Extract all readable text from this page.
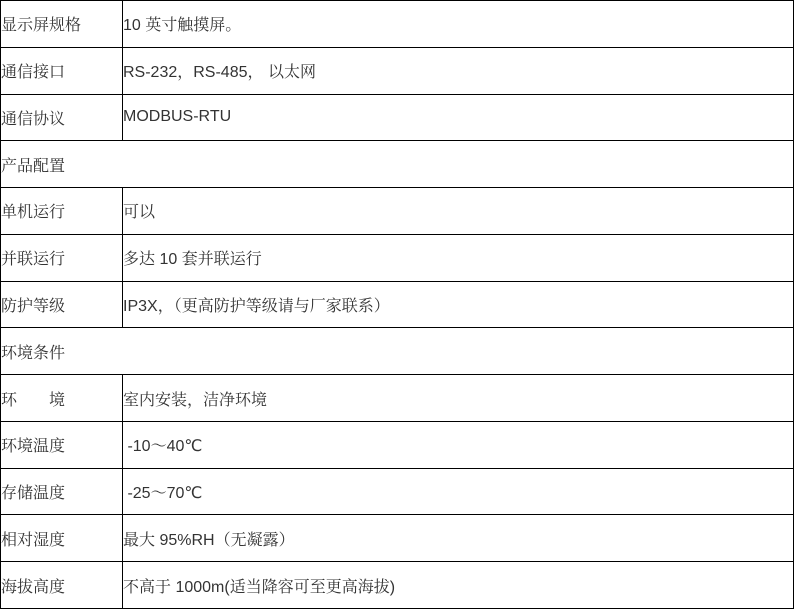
显示屏规格	10 英寸触摸屏。
通信接口	RS-232，RS-485， 以太网
通信协议	MODBUS-RTU
产品配置	
单机运行	可以
并联运行	多达 10 套并联运行
防护等级	IP3X，（更高防护等级请与厂家联系）
环境条件	
环　　境	室内安装，洁净环境
环境温度	-10～40℃
存储温度	-25～70℃
相对湿度	最大 95%RH（无凝露）
海拔高度	不高于 1000m(适当降容可至更高海拔)
